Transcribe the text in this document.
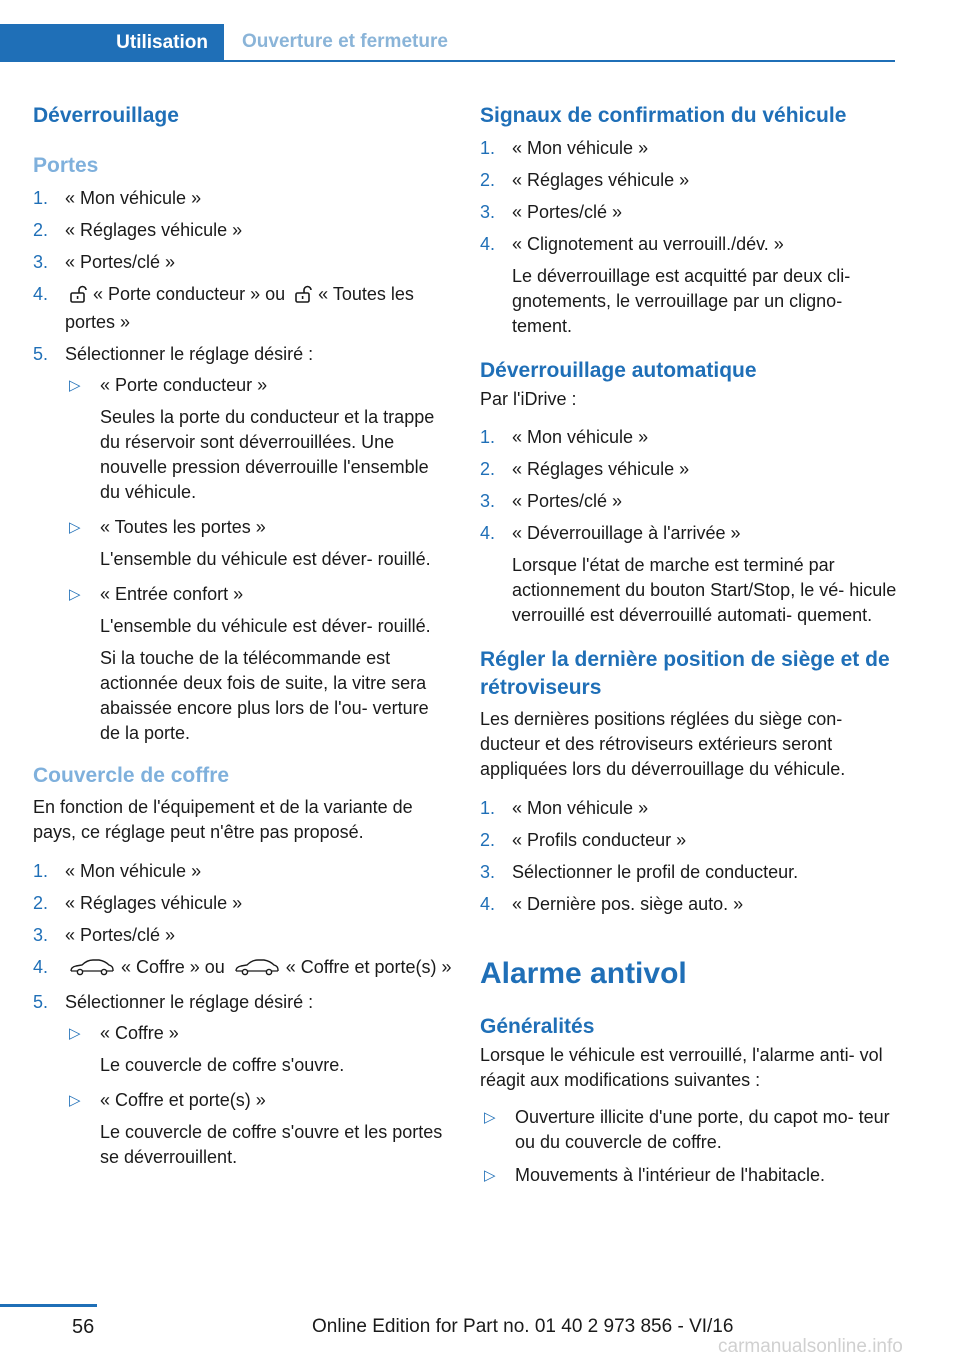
Utilisation	Ouverture et fermeture
Déverrouillage
Portes
1. « Mon véhicule »
2. « Réglages véhicule »
3. « Portes/clé »
4. « Porte conducteur » ou « Toutes les portes »
5. Sélectionner le réglage désiré :
▷ « Porte conducteur »
Seules la porte du conducteur et la trappe du réservoir sont déverrouillées. Une nouvelle pression déverrouille l'ensemble du véhicule.
▷ « Toutes les portes »
L'ensemble du véhicule est déver‐ rouillé.
▷ « Entrée confort »
L'ensemble du véhicule est déver‐ rouillé.
Si la touche de la télécommande est actionnée deux fois de suite, la vitre sera abaissée encore plus lors de l'ou‐ verture de la porte.
Couvercle de coffre
En fonction de l'équipement et de la variante de pays, ce réglage peut n'être pas proposé.
1. « Mon véhicule »
2. « Réglages véhicule »
3. « Portes/clé »
4.	« Coffre » ou	« Coffre et porte(s) »
5. Sélectionner le réglage désiré :
▷ « Coffre »
Le couvercle de coffre s'ouvre.
▷ « Coffre et porte(s) »
Le couvercle de coffre s'ouvre et les portes se déverrouillent.
Signaux de confirmation du véhicule
1. « Mon véhicule »
2. « Réglages véhicule »
3. « Portes/clé »
4. « Clignotement au verrouill./dév. »
Le déverrouillage est acquitté par deux cli‐ gnotements, le verrouillage par un cligno‐ tement.
Déverrouillage automatique
Par l'iDrive :
1. « Mon véhicule »
2. « Réglages véhicule »
3. « Portes/clé »
4. « Déverrouillage à l'arrivée »
Lorsque l'état de marche est terminé par actionnement du bouton Start/Stop, le vé‐ hicule verrouillé est déverrouillé automati‐ quement.
Régler la dernière position de siège et de rétroviseurs
Les dernières positions réglées du siège con‐ ducteur et des rétroviseurs extérieurs seront appliquées lors du déverrouillage du véhicule.
1. « Mon véhicule »
2. « Profils conducteur »
3. Sélectionner le profil de conducteur.
4. « Dernière pos. siège auto. »
Alarme antivol
Généralités
Lorsque le véhicule est verrouillé, l'alarme anti‐ vol réagit aux modifications suivantes :
▷ Ouverture illicite d'une porte, du capot mo‐ teur ou du couvercle de coffre.
▷ Mouvements à l'intérieur de l'habitacle.
56	Online Edition for Part no. 01 40 2 973 856 - VI/16
carmanualsonline.info
